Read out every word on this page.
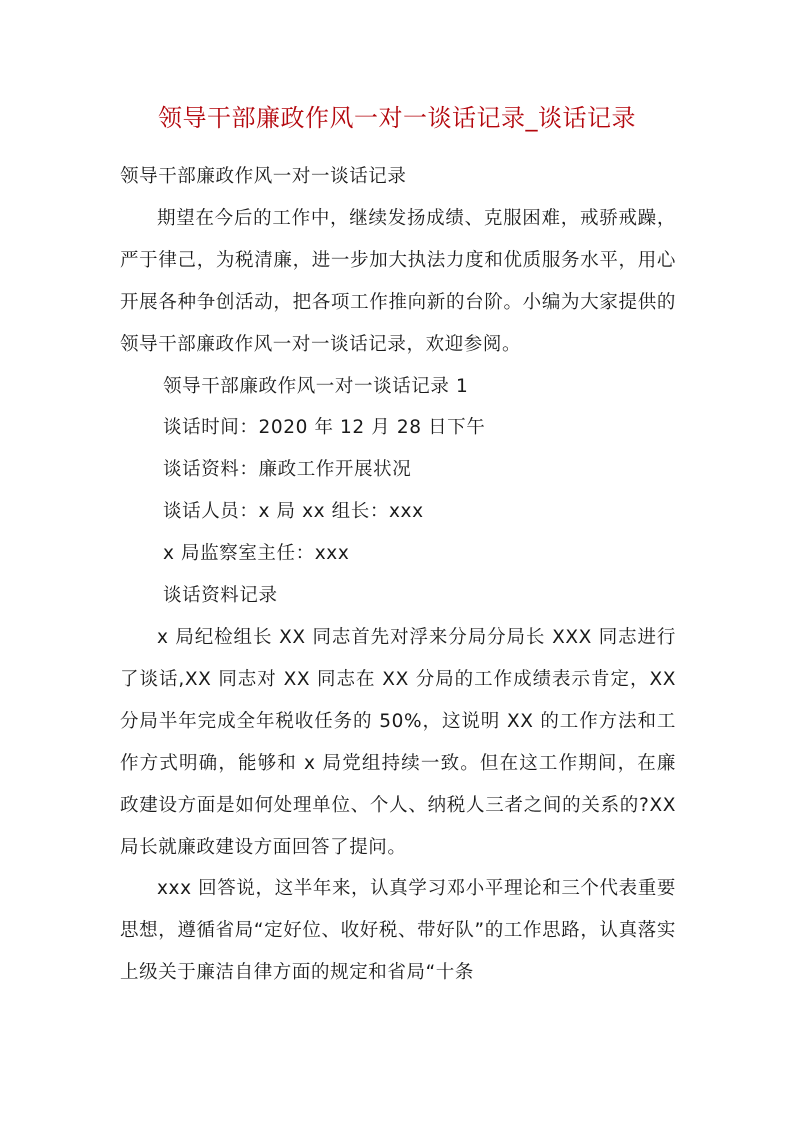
领导干部廉政作风一对一谈话记录_谈话记录

领导干部廉政作风一对一谈话记录

期望在今后的工作中，继续发扬成绩、克服困难，戒骄戒躁，严于律己，为税清廉，进一步加大执法力度和优质服务水平，用心开展各种争创活动，把各项工作推向新的台阶。小编为大家提供的领导干部廉政作风一对一谈话记录，欢迎参阅。

领导干部廉政作风一对一谈话记录 1

谈话时间：2020 年 12 月 28 日下午

谈话资料：廉政工作开展状况

谈话人员：x 局 xx 组长：xxx

x 局监察室主任：xxx

谈话资料记录

x 局纪检组长 XX 同志首先对浮来分局分局长 XXX 同志进行了谈话,XX 同志对 XX 同志在 XX 分局的工作成绩表示肯定，XX 分局半年完成全年税收任务的 50%，这说明 XX 的工作方法和工作方式明确，能够和 x 局党组持续一致。但在这工作期间，在廉政建设方面是如何处理单位、个人、纳税人三者之间的关系的?XX 局长就廉政建设方面回答了提问。

xxx 回答说，这半年来，认真学习邓小平理论和三个代表重要思想，遵循省局“定好位、收好税、带好队”的工作思路，认真落实上级关于廉洁自律方面的规定和省局“十条
